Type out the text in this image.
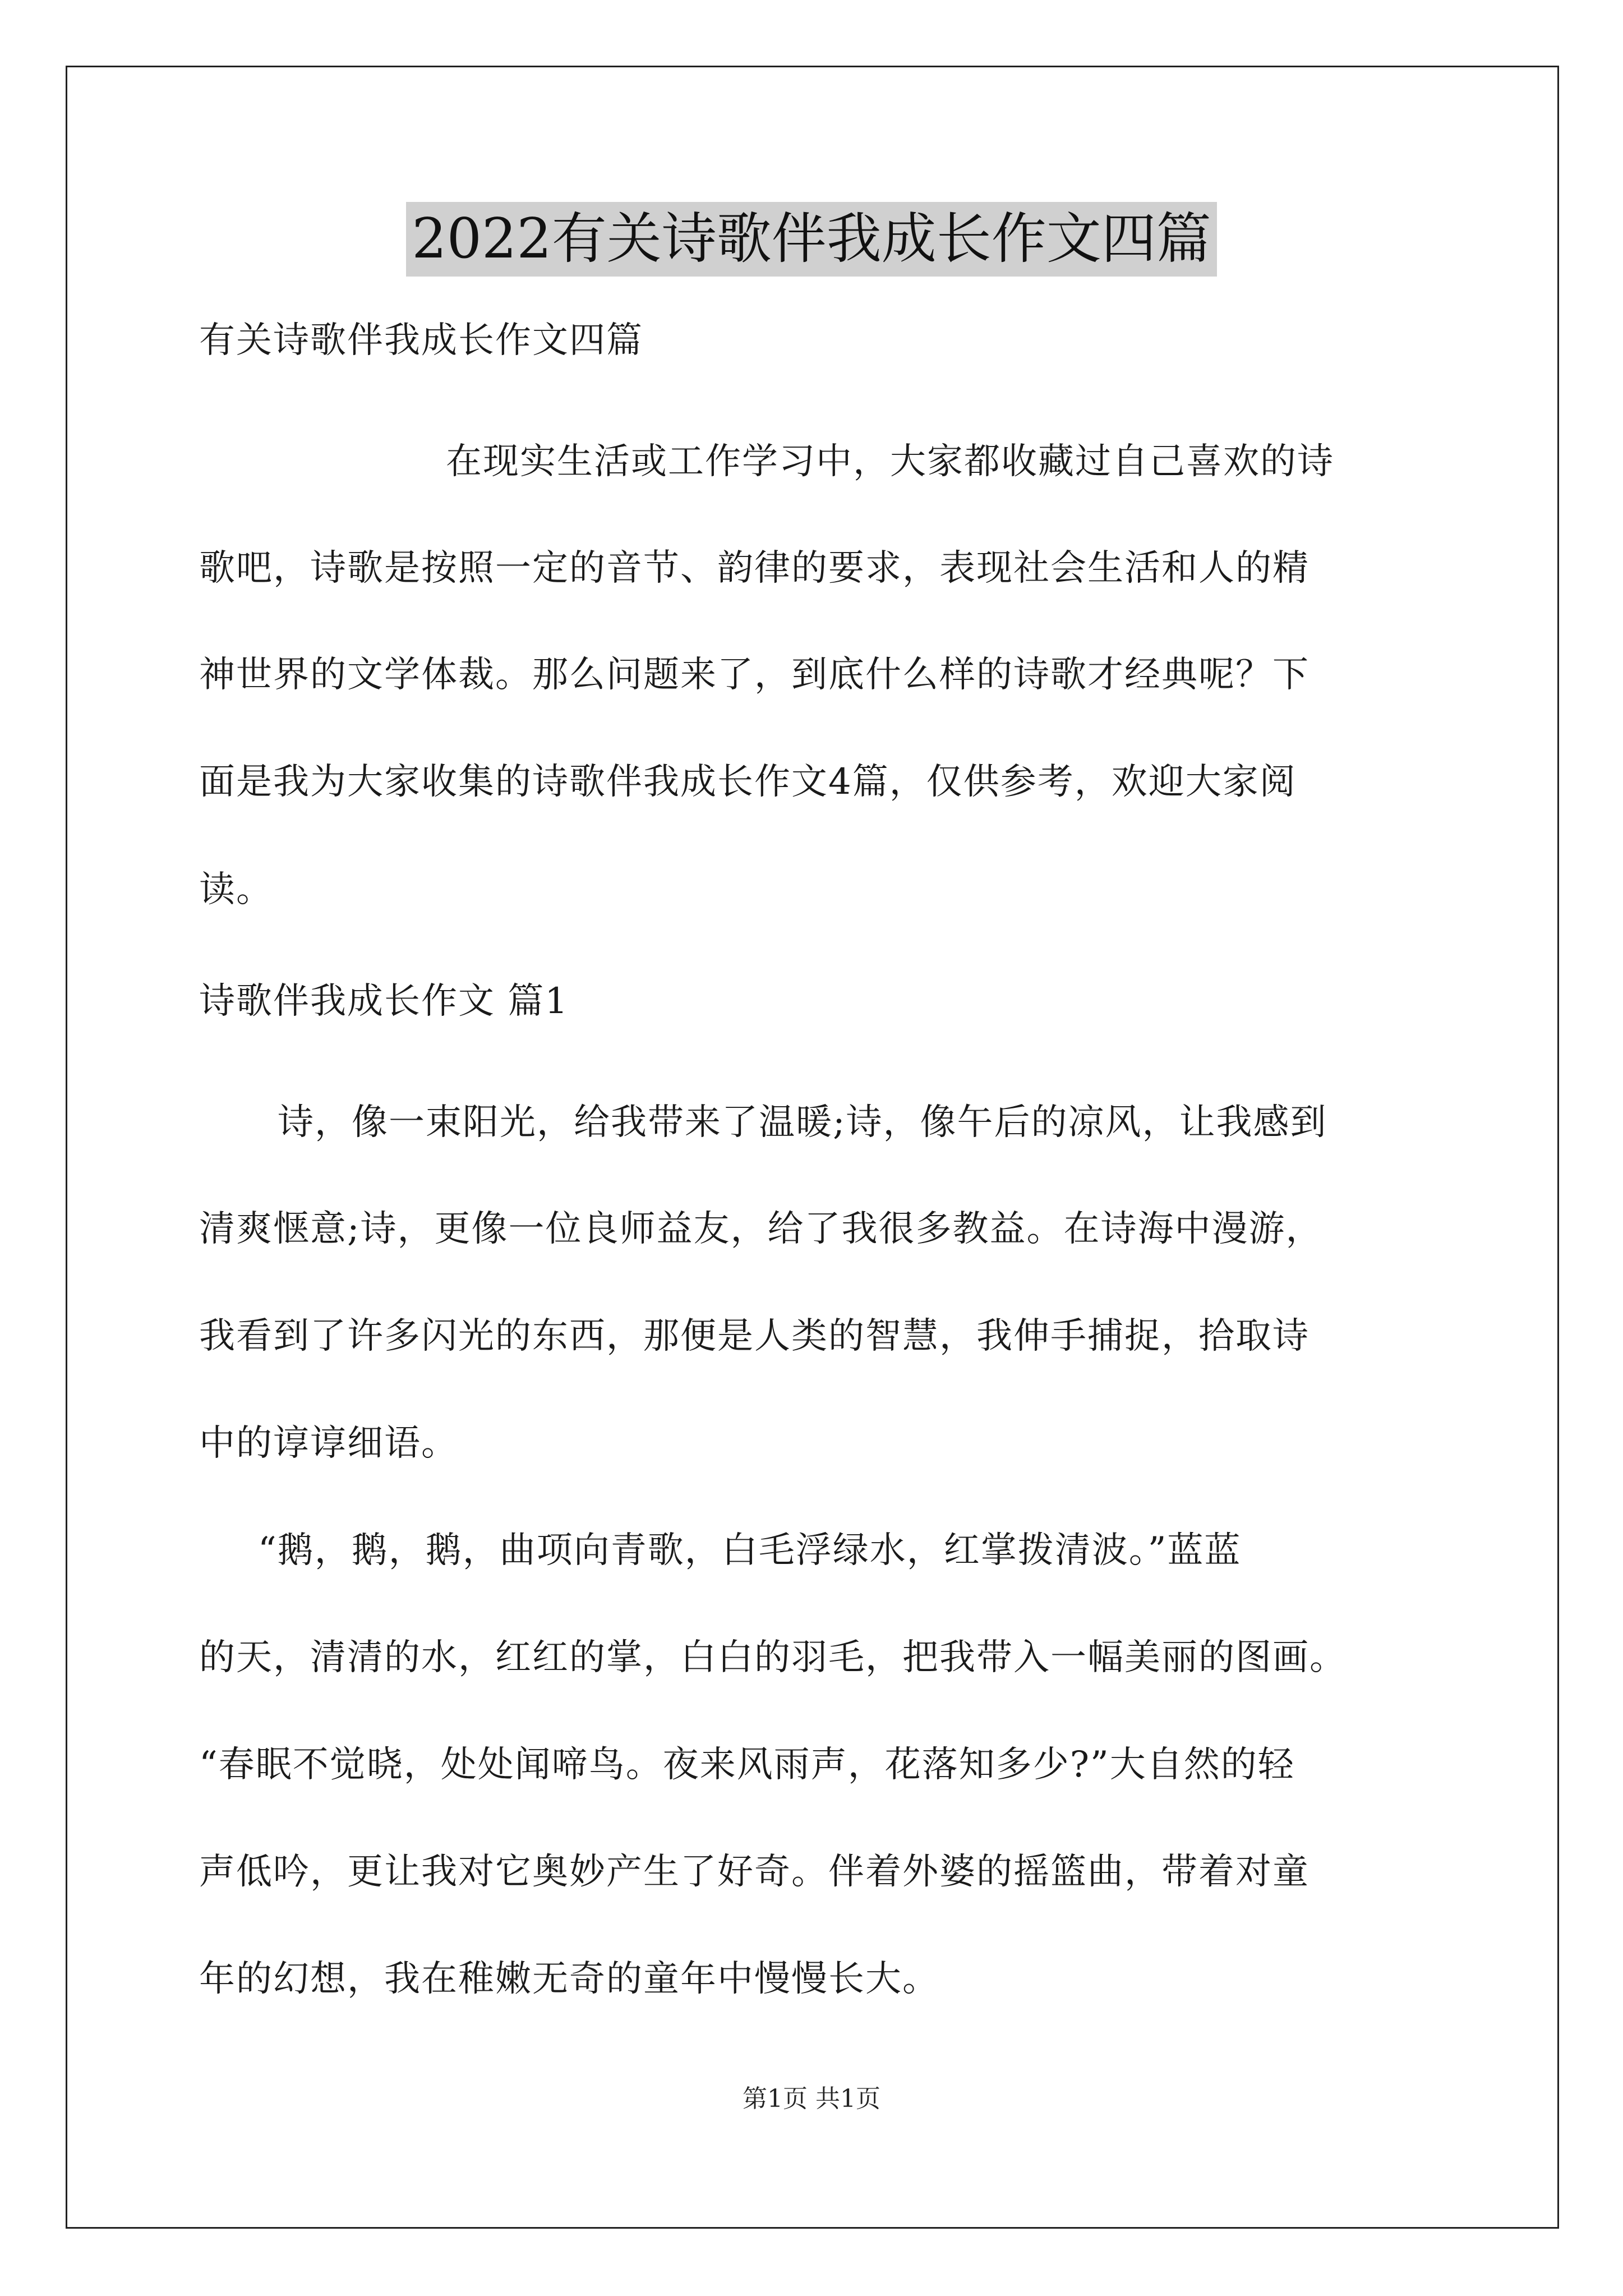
2022有关诗歌伴我成长作文四篇
有关诗歌伴我成长作文四篇
在现实生活或工作学习中，大家都收藏过自己喜欢的诗
歌吧，诗歌是按照一定的音节、韵律的要求，表现社会生活和人的精
神世界的文学体裁。那么问题来了，到底什么样的诗歌才经典呢？下
面是我为大家收集的诗歌伴我成长作文4篇，仅供参考，欢迎大家阅
读。
诗歌伴我成长作文 篇1
诗，像一束阳光，给我带来了温暖;诗，像午后的凉风，让我感到
清爽惬意;诗，更像一位良师益友，给了我很多教益。在诗海中漫游，
我看到了许多闪光的东西，那便是人类的智慧，我伸手捕捉，拾取诗
中的谆谆细语。
“鹅，鹅，鹅，曲项向青歌，白毛浮绿水，红掌拨清波。”蓝蓝
的天，清清的水，红红的掌，白白的羽毛，把我带入一幅美丽的图画。
“春眠不觉晓，处处闻啼鸟。夜来风雨声，花落知多少?”大自然的轻
声低吟，更让我对它奥妙产生了好奇。伴着外婆的摇篮曲，带着对童
年的幻想，我在稚嫩无奇的童年中慢慢长大。
第1页 共1页
